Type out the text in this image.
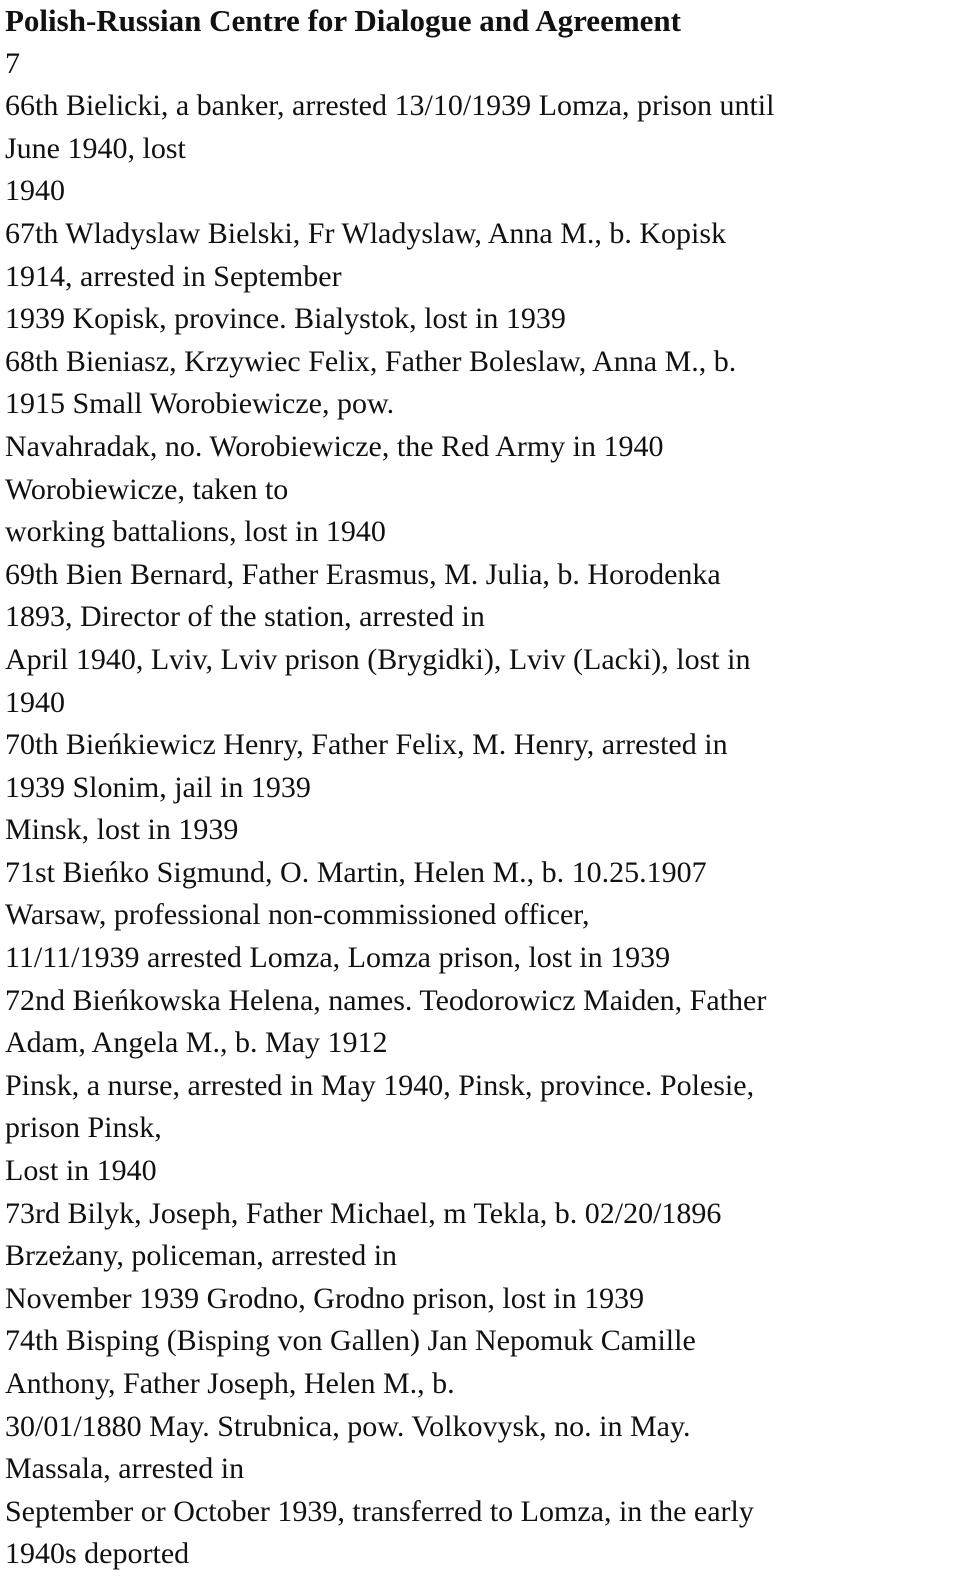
Polish-Russian Centre for Dialogue and Agreement
7
66th Bielicki, a banker, arrested 13/10/1939 Lomza, prison until
June 1940, lost
1940
67th Wladyslaw Bielski, Fr Wladyslaw, Anna M., b. Kopisk
1914, arrested in September
1939 Kopisk, province. Bialystok, lost in 1939
68th Bieniasz, Krzywiec Felix, Father Boleslaw, Anna M., b.
1915 Small Worobiewicze, pow.
Navahradak, no. Worobiewicze, the Red Army in 1940
Worobiewicze, taken to
working battalions, lost in 1940
69th Bien Bernard, Father Erasmus, M. Julia, b. Horodenka
1893, Director of the station, arrested in
April 1940, Lviv, Lviv prison (Brygidki), Lviv (Lacki), lost in
1940
70th Bieńkiewicz Henry, Father Felix, M. Henry, arrested in
1939 Slonim, jail in 1939
Minsk, lost in 1939
71st Bieńko Sigmund, O. Martin, Helen M., b. 10.25.1907
Warsaw, professional non-commissioned officer,
11/11/1939 arrested Lomza, Lomza prison, lost in 1939
72nd Bieńkowska Helena, names. Teodorowicz Maiden, Father
Adam, Angela M., b. May 1912
Pinsk, a nurse, arrested in May 1940, Pinsk, province. Polesie,
prison Pinsk,
Lost in 1940
73rd Bilyk, Joseph, Father Michael, m Tekla, b. 02/20/1896
Brzeżany, policeman, arrested in
November 1939 Grodno, Grodno prison, lost in 1939
74th Bisping (Bisping von Gallen) Jan Nepomuk Camille
Anthony, Father Joseph, Helen M., b.
30/01/1880 May. Strubnica, pow. Volkovysk, no. in May.
Massala, arrested in
September or October 1939, transferred to Lomza, in the early
1940s deported
